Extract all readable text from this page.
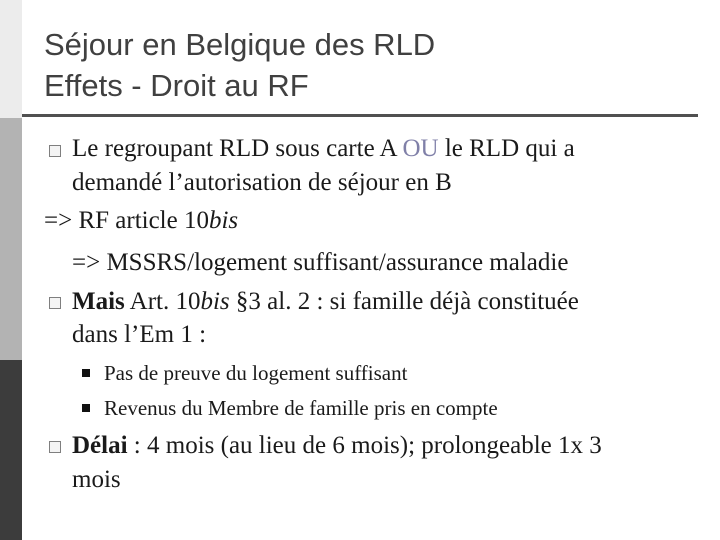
Séjour en Belgique des RLD
Effets - Droit au RF
Le regroupant RLD sous carte A OU le RLD qui a
demandé l’autorisation de séjour en B
=> RF article 10bis
=> MSSRS/logement suffisant/assurance maladie
Mais Art. 10bis §3 al. 2 : si famille déjà constituée
dans l’Em 1 :
Pas de preuve du logement suffisant
Revenus du Membre de famille pris en compte
Délai : 4 mois (au lieu de 6 mois); prolongeable 1x 3
mois
